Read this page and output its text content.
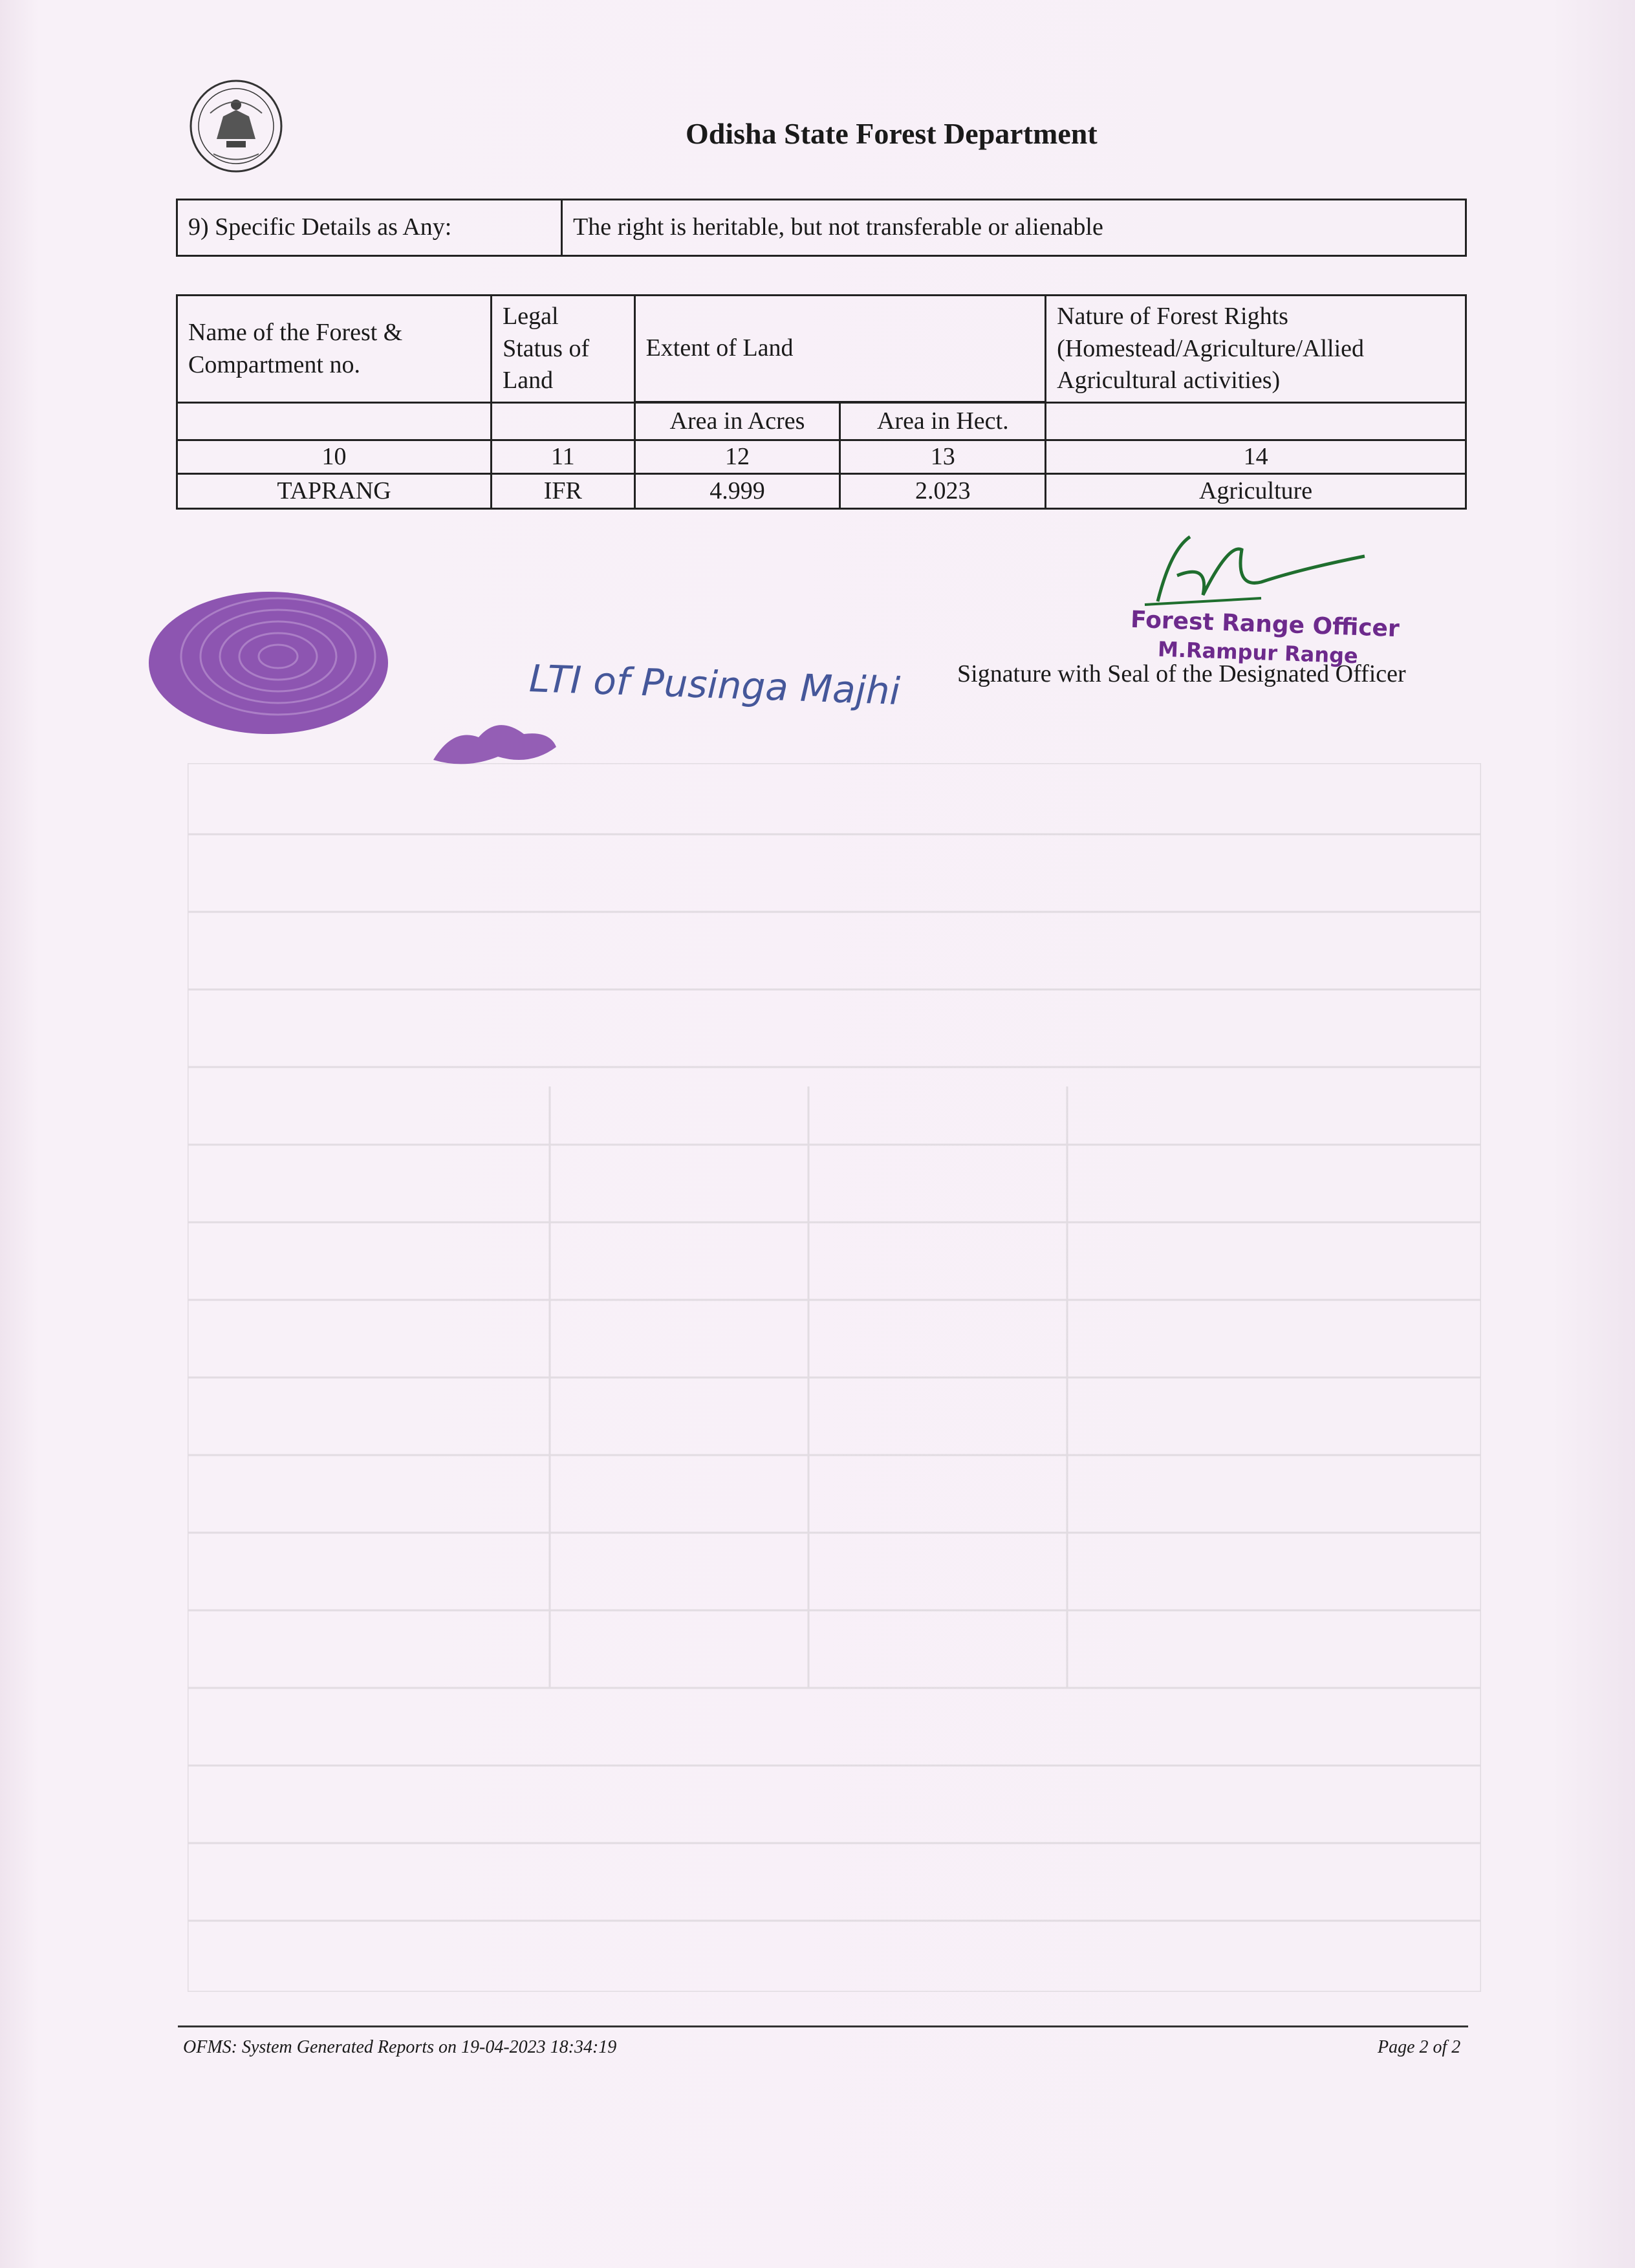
Odisha State Forest Department
9) Specific Details as Any:	The right is heritable, but not transferable or alienable
Name of the Forest & Compartment no.	Legal Status of Land	Extent of Land		Nature of Forest Rights (Homestead/Agriculture/Allied Agricultural activities)

		Area in Acres	Area in Hect.	
10	11	12	13	14
TAPRANG	IFR	4.999	2.023	Agriculture
LTI of Pusinga Majhi
Forest Range Officer
M.Rampur Range
Signature with Seal of the Designated Officer
OFMS: System Generated Reports on 19-04-2023 18:34:19	Page 2 of 2
